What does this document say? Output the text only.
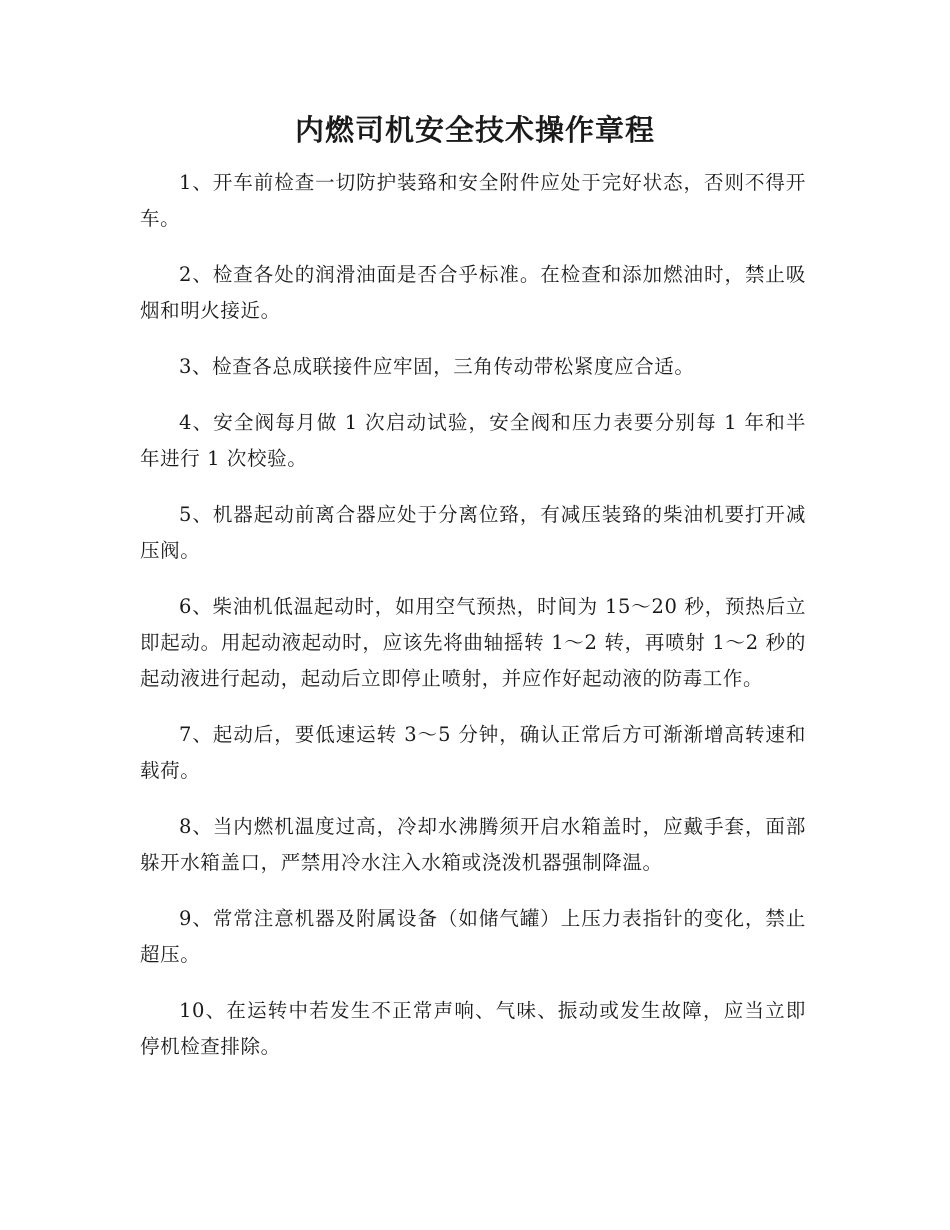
内燃司机安全技术操作章程

1、开车前检查一切防护装臵和安全附件应处于完好状态，否则不得开车。

2、检查各处的润滑油面是否合乎标准。在检查和添加燃油时，禁止吸烟和明火接近。

3、检查各总成联接件应牢固，三角传动带松紧度应合适。

4、安全阀每月做 1 次启动试验，安全阀和压力表要分别每 1 年和半年进行 1 次校验。

5、机器起动前离合器应处于分离位臵，有减压装臵的柴油机要打开减压阀。

6、柴油机低温起动时，如用空气预热，时间为 15～20 秒，预热后立即起动。用起动液起动时，应该先将曲轴摇转 1～2 转，再喷射 1～2 秒的起动液进行起动，起动后立即停止喷射，并应作好起动液的防毒工作。

7、起动后，要低速运转 3～5 分钟，确认正常后方可渐渐增高转速和载荷。

8、当内燃机温度过高，冷却水沸腾须开启水箱盖时，应戴手套，面部躲开水箱盖口，严禁用冷水注入水箱或浇泼机器强制降温。

9、常常注意机器及附属设备（如储气罐）上压力表指针的变化，禁止超压。

10、在运转中若发生不正常声响、气味、振动或发生故障，应当立即停机检查排除。
